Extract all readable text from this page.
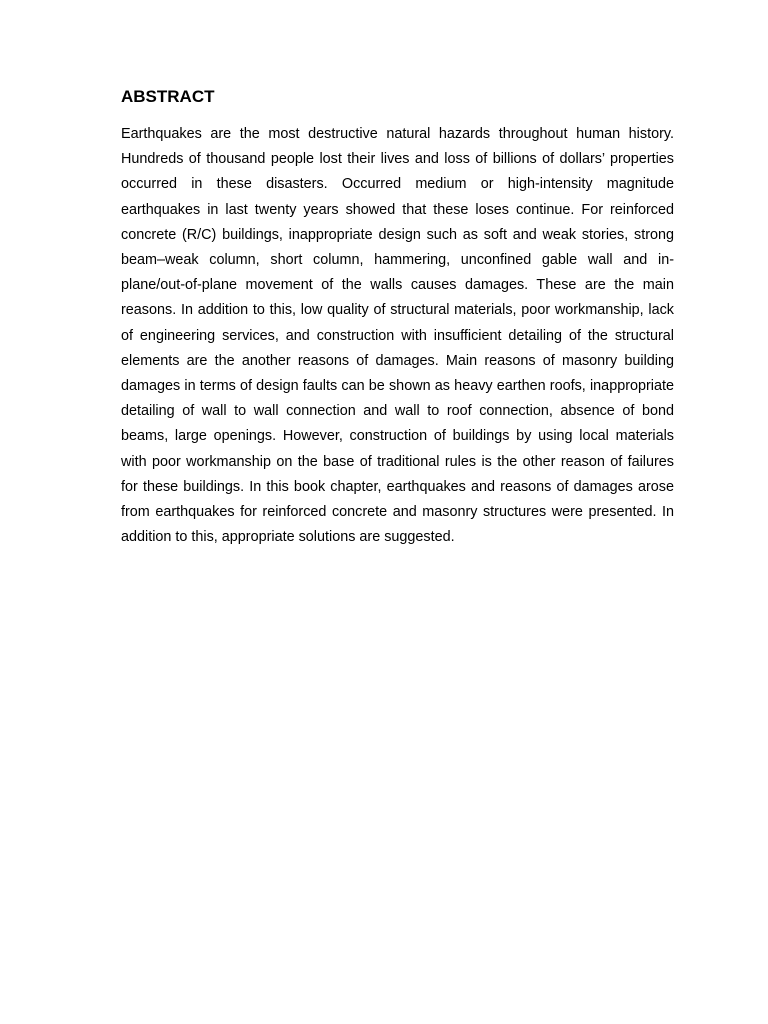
ABSTRACT

Earthquakes are the most destructive natural hazards throughout human history. Hundreds of thousand people lost their lives and loss of billions of dollars’ properties occurred in these disasters. Occurred medium or high-intensity magnitude earthquakes in last twenty years showed that these loses continue. For reinforced concrete (R/C) buildings, inappropriate design such as soft and weak stories, strong beam–weak column, short column, hammering, unconfined gable wall and in-plane/out-of-plane movement of the walls causes damages. These are the main reasons. In addition to this, low quality of structural materials, poor workmanship, lack of engineering services, and construction with insufficient detailing of the structural elements are the another reasons of damages. Main reasons of masonry building damages in terms of design faults can be shown as heavy earthen roofs, inappropriate detailing of wall to wall connection and wall to roof connection, absence of bond beams, large openings. However, construction of buildings by using local materials with poor workmanship on the base of traditional rules is the other reason of failures for these buildings. In this book chapter, earthquakes and reasons of damages arose from earthquakes for reinforced concrete and masonry structures were presented. In addition to this, appropriate solutions are suggested.
